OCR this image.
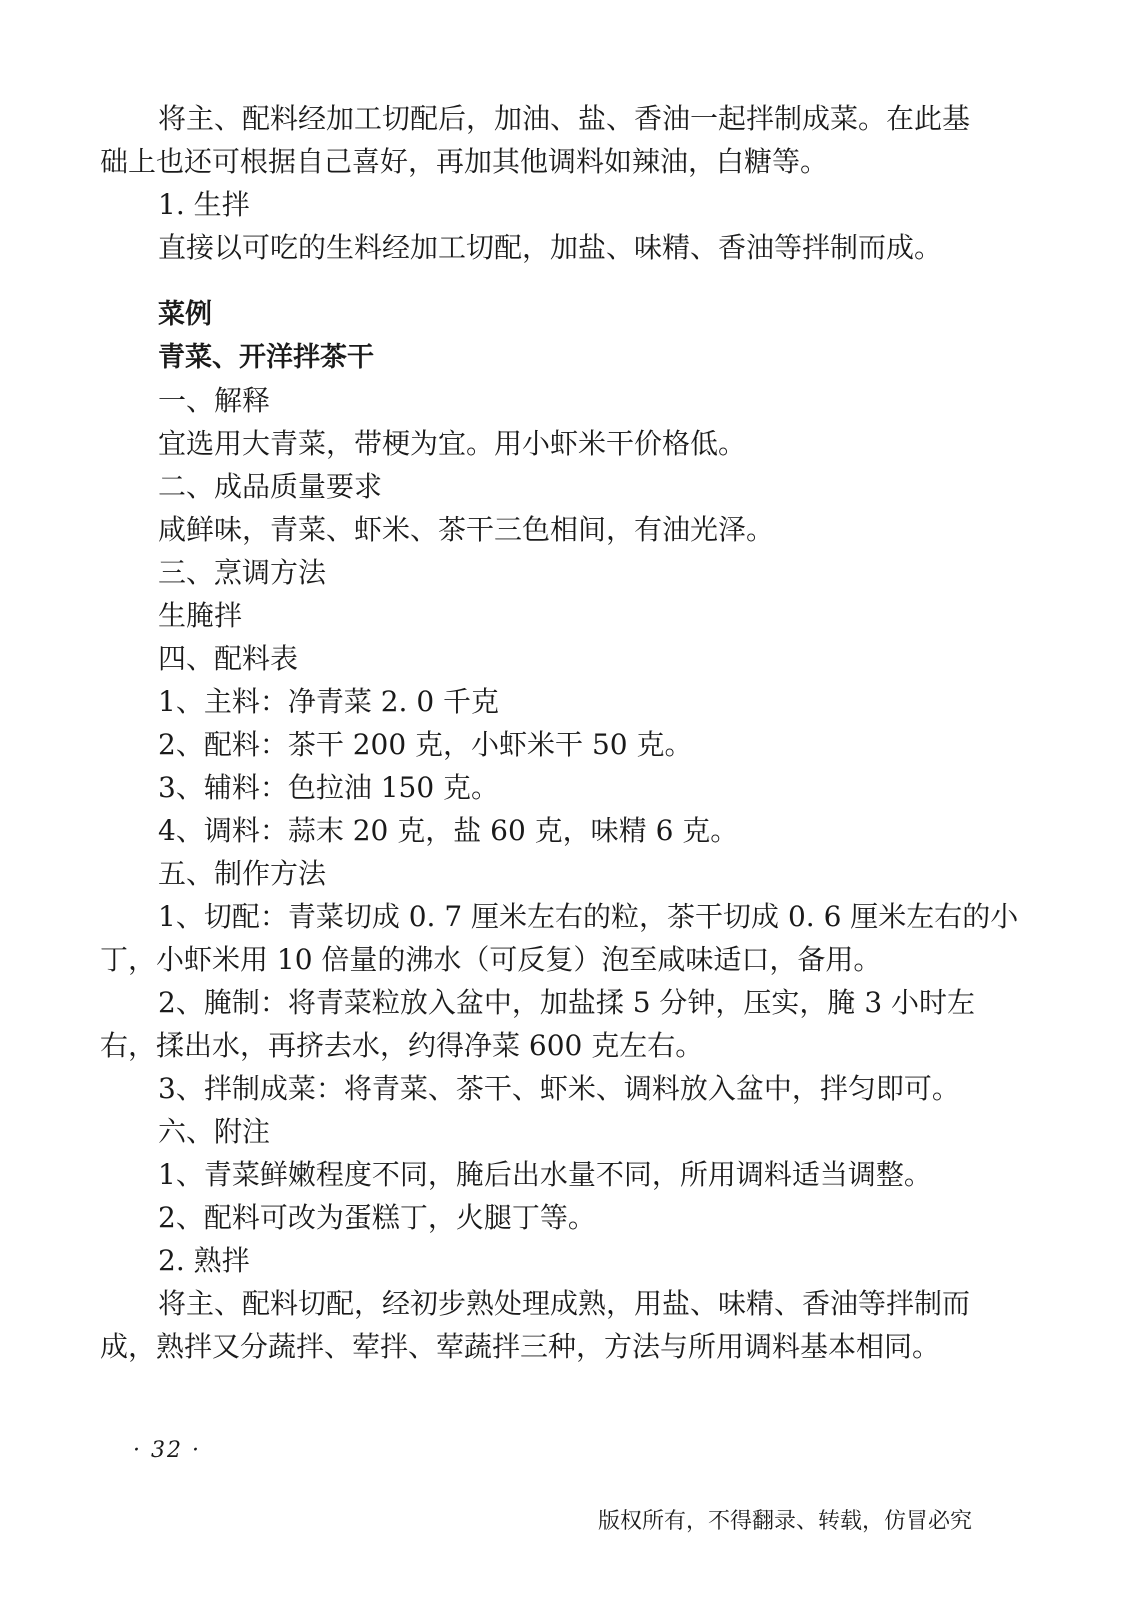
将主、配料经加工切配后，加油、盐、香油一起拌制成菜。在此基
础上也还可根据自己喜好，再加其他调料如辣油，白糖等。
1. 生拌
直接以可吃的生料经加工切配，加盐、味精、香油等拌制而成。
菜例
青菜、开洋拌茶干
一、解释
宜选用大青菜，带梗为宜。用小虾米干价格低。
二、成品质量要求
咸鲜味，青菜、虾米、茶干三色相间，有油光泽。
三、烹调方法
生腌拌
四、配料表
1、主料：净青菜 2. 0 千克
2、配料：茶干 200 克，小虾米干 50 克。
3、辅料：色拉油 150 克。
4、调料：蒜末 20 克，盐 60 克，味精 6 克。
五、制作方法
1、切配：青菜切成 0. 7 厘米左右的粒，茶干切成 0. 6 厘米左右的小
丁，小虾米用 10 倍量的沸水（可反复）泡至咸味适口，备用。
2、腌制：将青菜粒放入盆中，加盐揉 5 分钟，压实，腌 3 小时左
右，揉出水，再挤去水，约得净菜 600 克左右。
3、拌制成菜：将青菜、茶干、虾米、调料放入盆中，拌匀即可。
六、附注
1、青菜鲜嫩程度不同，腌后出水量不同，所用调料适当调整。
2、配料可改为蛋糕丁，火腿丁等。
2. 熟拌
将主、配料切配，经初步熟处理成熟，用盐、味精、香油等拌制而
成，熟拌又分蔬拌、荤拌、荤蔬拌三种，方法与所用调料基本相同。
· 32 ·
版权所有，不得翻录、转载，仿冒必究
